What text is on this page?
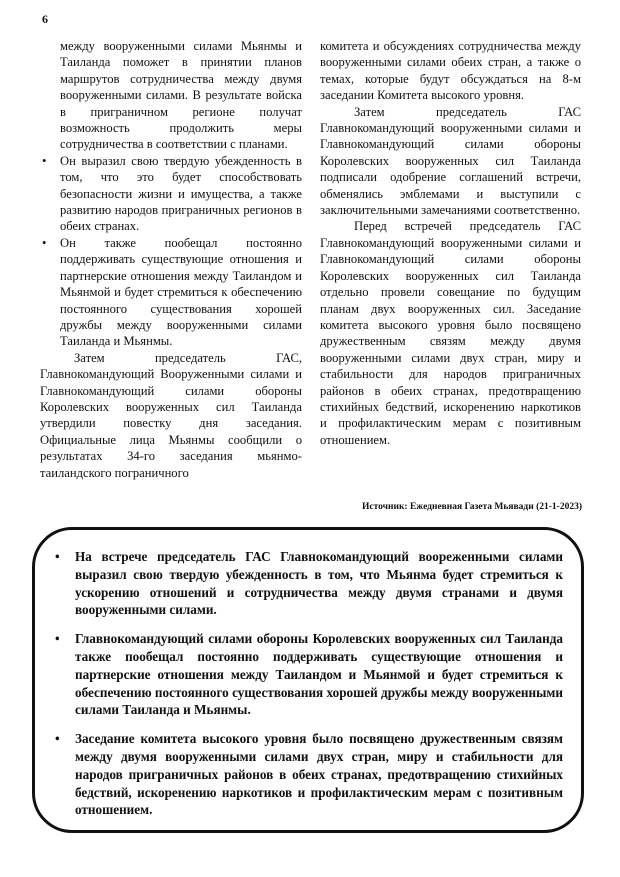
6
между вооруженными силами Мьянмы и Таиланда поможет в принятии планов маршрутов сотрудничества между двумя вооруженными силами. В результате войска в приграничном регионе получат возможность продолжить меры сотрудничества в соответствии с планами.
• Он выразил свою твердую убежденность в том, что это будет способствовать безопасности жизни и имущества, а также развитию народов приграничных регионов в обеих странах.
• Он также пообещал постоянно поддерживать существующие отношения и партнерские отношения между Таиландом и Мьянмой и будет стремиться к обеспечению постоянного существования хорошей дружбы между вооруженными силами Таиланда и Мьянмы.

Затем председатель ГАС, Главнокомандующий Вооруженными силами и Главнокомандующий силами обороны Королевских вооруженных сил Таиланда утвердили повестку дня заседания. Официальные лица Мьянмы сообщили о результатах 34-го заседания мьянмо-таиландского пограничного

комитета и обсуждениях сотрудничества между вооруженными силами обеих стран, а также о темах, которые будут обсуждаться на 8-м заседании Комитета высокого уровня.

Затем председатель ГАС Главнокомандующий вооруженными силами и Главнокомандующий силами обороны Королевских вооруженных сил Таиланда подписали одобрение соглашений встречи, обменялись эмблемами и выступили с заключительными замечаниями соответственно.

Перед встречей председатель ГАС Главнокомандующий вооруженными силами и Главнокомандующий силами обороны Королевских вооруженных сил Таиланда отдельно провели совещание по будущим планам двух вооруженных сил. Заседание комитета высокого уровня было посвящено дружественным связям между двумя вооруженными силами двух стран, миру и стабильности для народов приграничных районов в обеих странах, предотвращению стихийных бедствий, искоренению наркотиков и профилактическим мерам с позитивным отношением.

Источник: Ежедневная Газета Мьявади (21-1-2023)
• На встрече председатель ГАС Главнокомандующий воореженными силами выразил свою твердую убежденность в том, что Мьянма будет стремиться к ускорению отношений и сотрудничества между двумя странами и двумя вооруженными силами.
• Главнокомандующий силами обороны Королевских вооруженных сил Таиланда также пообещал постоянно поддерживать существующие отношения и партнерские отношения между Таиландом и Мьянмой и будет стремиться к обеспечению постоянного существования хорошей дружбы между вооруженными силами Таиланда и Мьянмы.
• Заседание комитета высокого уровня было посвящено дружественным связям между двумя вооруженными силами двух стран, миру и стабильности для народов приграничных районов в обеих странах, предотвращению стихийных бедствий, искоренению наркотиков и профилактическим мерам с позитивным отношением.
